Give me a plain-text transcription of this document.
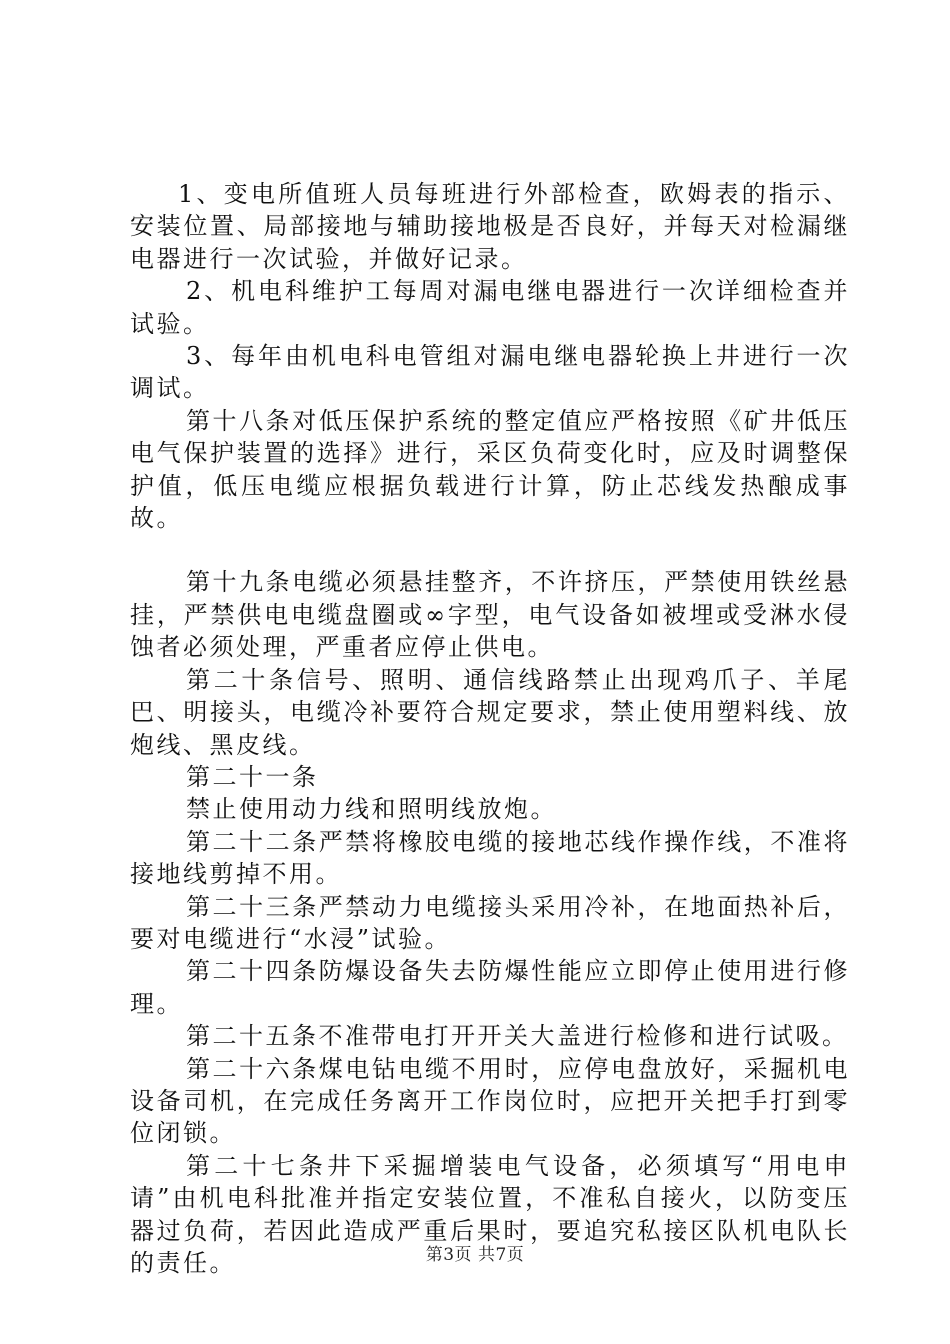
1、变电所值班人员每班进行外部检查，欧姆表的指示、安装位置、局部接地与辅助接地极是否良好，并每天对检漏继电器进行一次试验，并做好记录。

2、机电科维护工每周对漏电继电器进行一次详细检查并试验。

3、每年由机电科电管组对漏电继电器轮换上井进行一次调试。

第十八条对低压保护系统的整定值应严格按照《矿井低压电气保护装置的选择》进行，采区负荷变化时，应及时调整保护值，低压电缆应根据负载进行计算，防止芯线发热酿成事故。

第十九条电缆必须悬挂整齐，不许挤压，严禁使用铁丝悬挂，严禁供电电缆盘圈或∞字型，电气设备如被埋或受淋水侵蚀者必须处理，严重者应停止供电。

第二十条信号、照明、通信线路禁止出现鸡爪子、羊尾巴、明接头，电缆冷补要符合规定要求，禁止使用塑料线、放炮线、黑皮线。

第二十一条

禁止使用动力线和照明线放炮。

第二十二条严禁将橡胶电缆的接地芯线作操作线，不准将接地线剪掉不用。

第二十三条严禁动力电缆接头采用冷补，在地面热补后，要对电缆进行“水浸”试验。

第二十四条防爆设备失去防爆性能应立即停止使用进行修理。

第二十五条不准带电打开开关大盖进行检修和进行试吸。

第二十六条煤电钻电缆不用时，应停电盘放好，采掘机电设备司机，在完成任务离开工作岗位时，应把开关把手打到零位闭锁。

第二十七条井下采掘增装电气设备，必须填写“用电申请”由机电科批准并指定安装位置，不准私自接火，以防变压器过负荷，若因此造成严重后果时，要追究私接区队机电队长的责任。	第3页 共7页
